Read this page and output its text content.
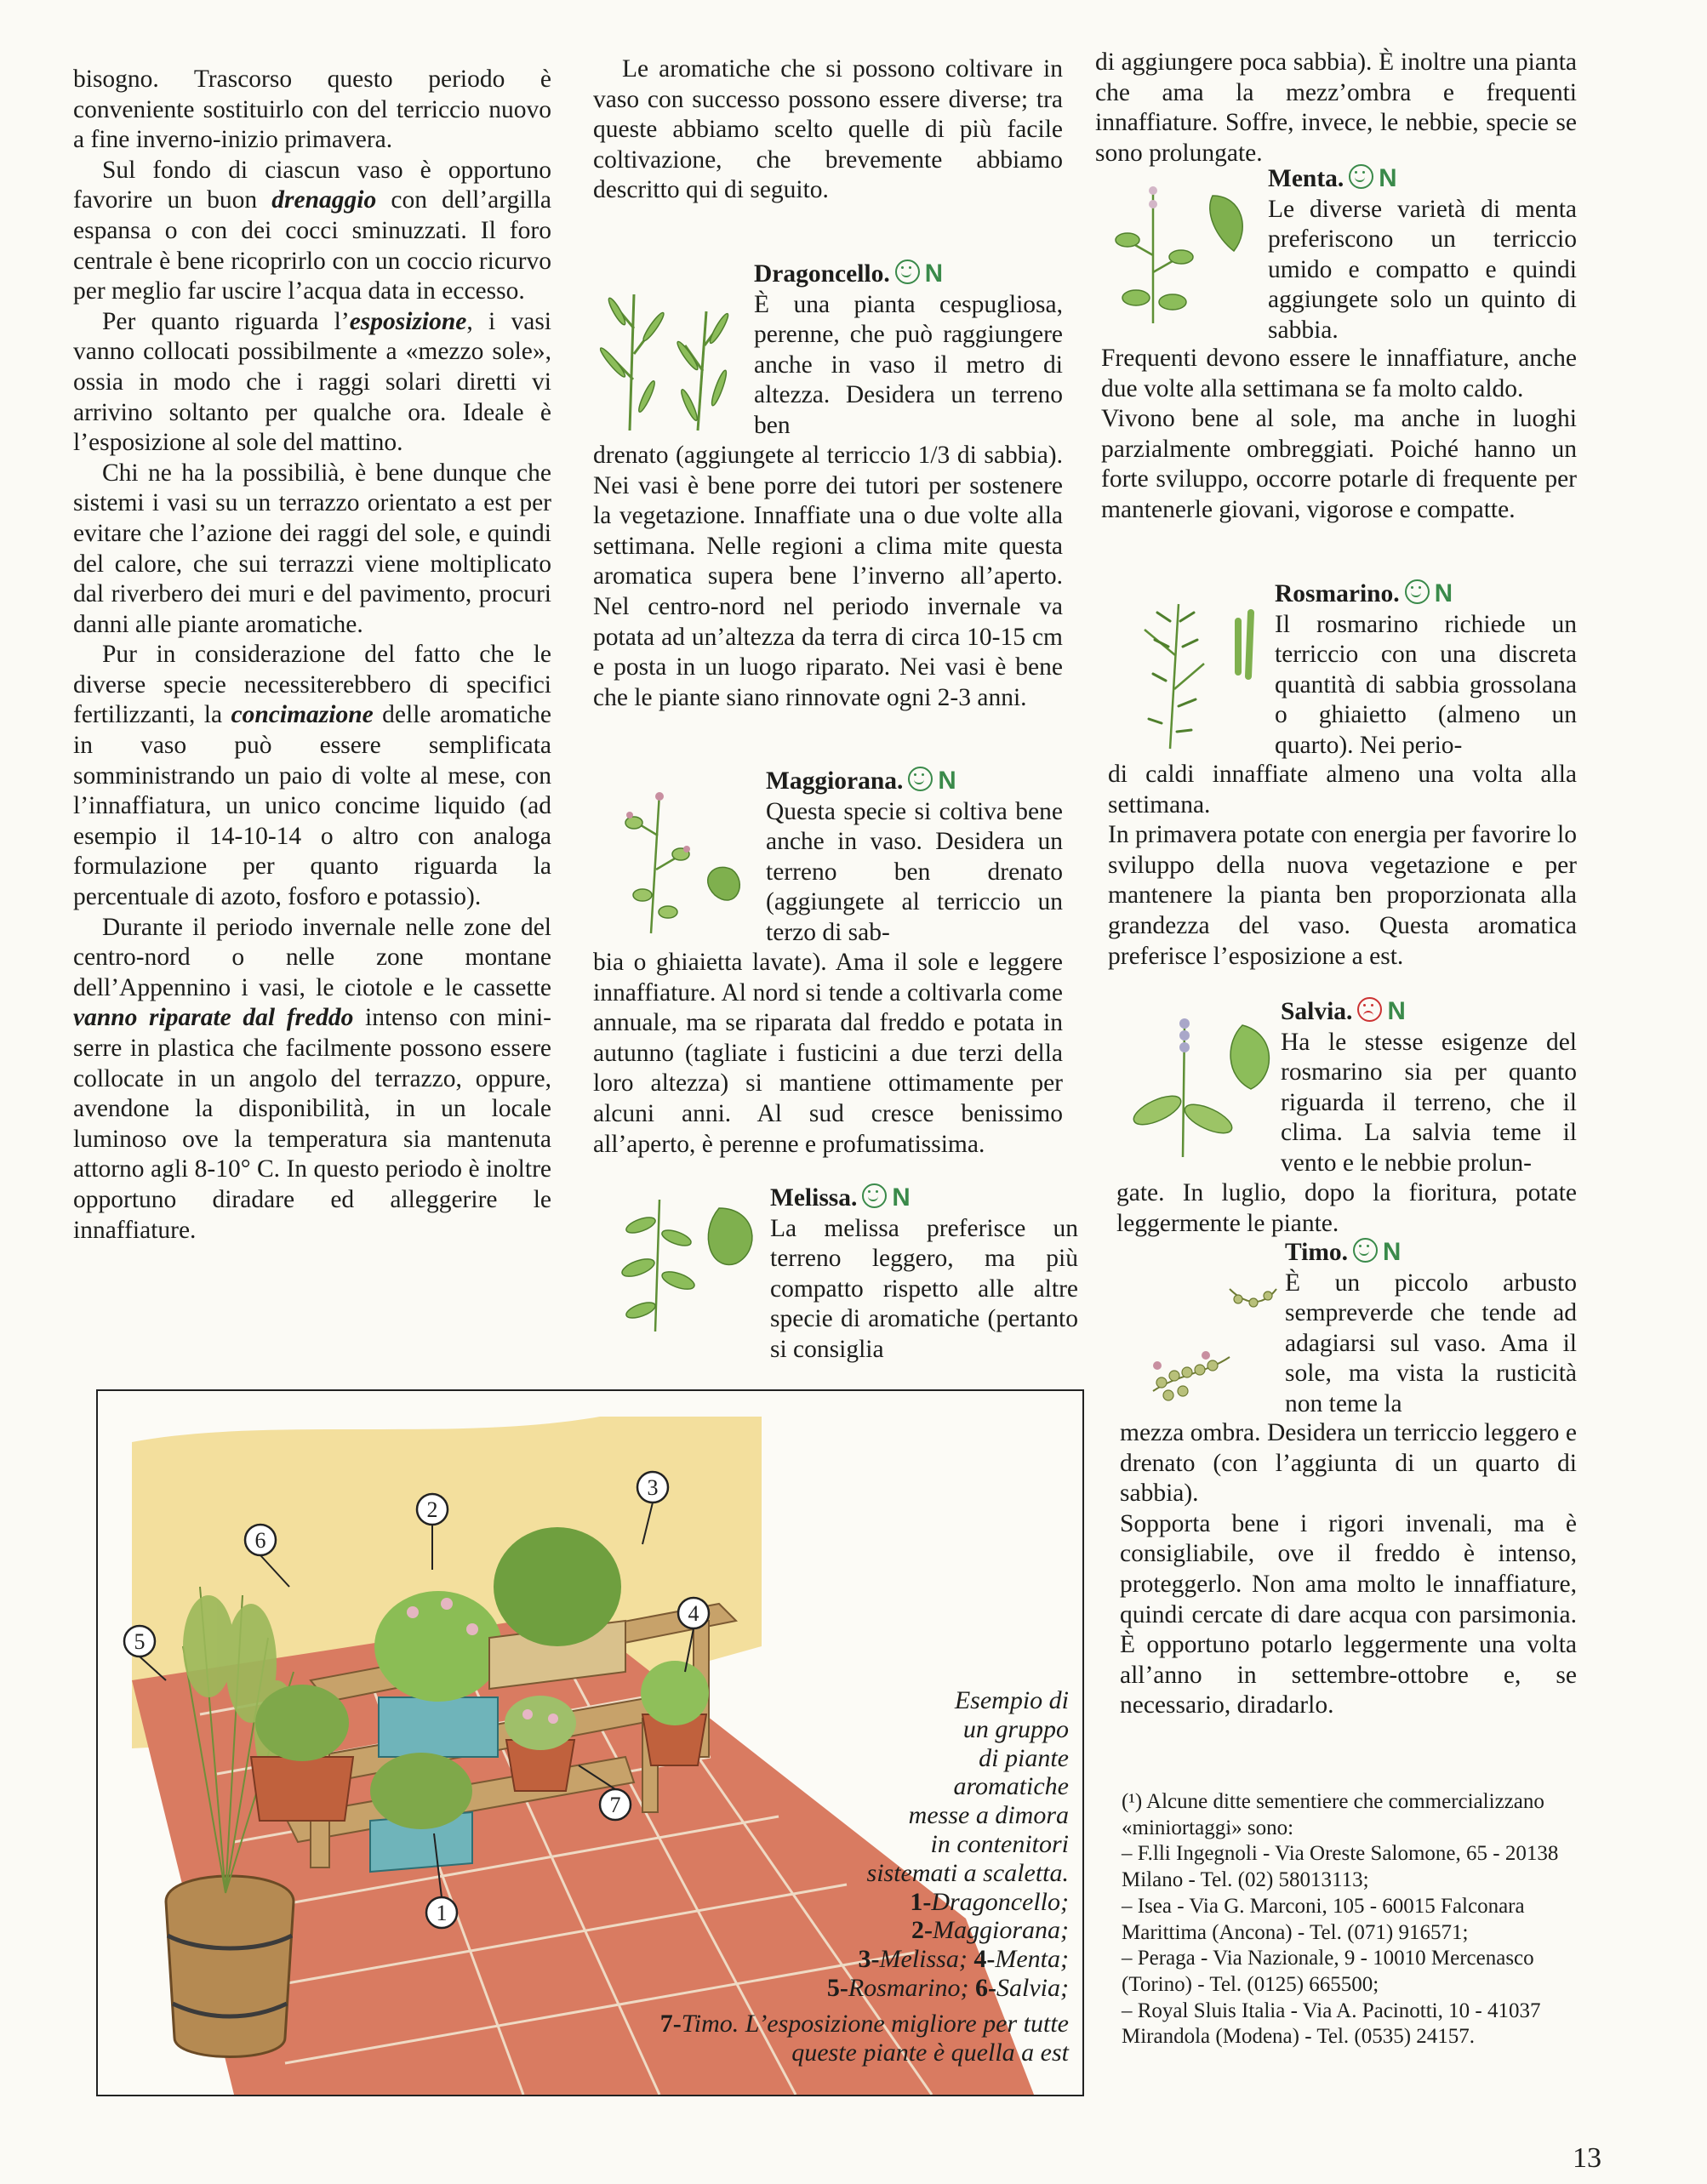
bisogno. Trascorso questo periodo è conveniente sostituirlo con del terriccio nuovo a fine inverno-inizio primavera.

Sul fondo di ciascun vaso è opportuno favorire un buon drenaggio con dell’argilla espansa o con dei cocci sminuzzati. Il foro centrale è bene ricoprirlo con un coccio ricurvo per meglio far uscire l’acqua data in eccesso.

Per quanto riguarda l’esposizione, i vasi vanno collocati possibilmente a «mezzo sole», ossia in modo che i raggi solari diretti vi arrivino soltanto per qualche ora. Ideale è l’esposizione al sole del mattino.

Chi ne ha la possibilià, è bene dunque che sistemi i vasi su un terrazzo orientato a est per evitare che l’azione dei raggi del sole, e quindi del calore, che sui terrazzi viene moltiplicato dal riverbero dei muri e del pavimento, procuri danni alle piante aromatiche.

Pur in considerazione del fatto che le diverse specie necessiterebbero di specifici fertilizzanti, la concimazione delle aromatiche in vaso può essere semplificata somministrando un paio di volte al mese, con l’innaffiatura, un unico concime liquido (ad esempio il 14-10-14 o altro con analoga formulazione per quanto riguarda la percentuale di azoto, fosforo e potassio).

Durante il periodo invernale nelle zone del centro-nord o nelle zone montane dell’Appennino i vasi, le ciotole e le cassette vanno riparate dal freddo intenso con mini-serre in plastica che facilmente possono essere collocate in un angolo del terrazzo, oppure, avendone la disponibilità, in un locale luminoso ove la temperatura sia mantenuta attorno agli 8-10° C. In questo periodo è inoltre opportuno diradare ed alleggerire le innaffiature.

Le aromatiche che si possono coltivare in vaso con successo possono essere diverse; tra queste abbiamo scelto quelle di più facile coltivazione, che brevemente abbiamo descritto qui di seguito.

Dragoncello. N

È una pianta cespugliosa, perenne, che può raggiungere anche in vaso il metro di altezza. Desidera un terreno ben

drenato (aggiungete al terriccio 1/3 di sabbia). Nei vasi è bene porre dei tutori per sostenere la vegetazione. Innaffiate una o due volte alla settimana. Nelle regioni a clima mite questa aromatica supera bene l’inverno all’aperto. Nel centro-nord nel periodo invernale va potata ad un’altezza da terra di circa 10-15 cm e posta in un luogo riparato. Nei vasi è bene che le piante siano rinnovate ogni 2-3 anni.

Maggiorana. N

Questa specie si coltiva bene anche in vaso. Desidera un terreno ben drenato (aggiungete al terriccio un terzo di sab-

bia o ghiaietta lavate). Ama il sole e leggere innaffiature. Al nord si tende a coltivarla come annuale, ma se riparata dal freddo e potata in autunno (tagliate i fusticini a due terzi della loro altezza) si mantiene ottimamente per alcuni anni. Al sud cresce benissimo all’aperto, è perenne e profumatissima.

Melissa. N

La melissa preferisce un terreno leggero, ma più compatto rispetto alle altre specie di aromatiche (pertanto si consiglia

di aggiungere poca sabbia). È inoltre una pianta che ama la mezz’ombra e frequenti innaffiature. Soffre, invece, le nebbie, specie se sono prolungate.

Menta. N

Le diverse varietà di menta preferiscono un terriccio umido e compatto e quindi aggiungete solo un quinto di sabbia.

Frequenti devono essere le innaffiature, anche due volte alla settimana se fa molto caldo.

Vivono bene al sole, ma anche in luoghi parzialmente ombreggiati. Poiché hanno un forte sviluppo, occorre potarle di frequente per mantenerle giovani, vigorose e compatte.

Rosmarino. N

Il rosmarino richiede un terriccio con una discreta quantità di sabbia grossolana o ghiaietto (almeno un quarto). Nei perio-

di caldi innaffiate almeno una volta alla settimana.

In primavera potate con energia per favorire lo sviluppo della nuova vegetazione e per mantenere la pianta ben proporzionata alla grandezza del vaso. Questa aromatica preferisce l’esposizione a est.

Salvia. N

Ha le stesse esigenze del rosmarino sia per quanto riguarda il terreno, che il clima. La salvia teme il vento e le nebbie prolun-

gate. In luglio, dopo la fioritura, potate leggermente le piante.

Timo. N

È un piccolo arbusto sempreverde che tende ad adagiarsi sul vaso. Ama il sole, ma vista la rusticità non teme la

mezza ombra. Desidera un terriccio leggero e drenato (con l’aggiunta di un quarto di sabbia).

Sopporta bene i rigori invenali, ma è consigliabile, ove il freddo è intenso, proteggerlo. Non ama molto le innaffiature, quindi cercate di dare acqua con parsimonia. È opportuno potarlo leggermente una volta all’anno in settembre-ottobre e, se necessario, diradarlo.

(¹) Alcune ditte sementiere che commercializzano «miniortaggi» sono:
– F.lli Ingegnoli - Via Oreste Salomone, 65 - 20138 Milano - Tel. (02) 58013113;
– Isea - Via G. Marconi, 105 - 60015 Falconara Marittima (Ancona) - Tel. (071) 916571;
– Peraga - Via Nazionale, 9 - 10010 Mercenasco (Torino) - Tel. (0125) 665500;
– Royal Sluis Italia - Via A. Pacinotti, 10 - 41037 Mirandola (Modena) - Tel. (0535) 24157.
13
1
2
3
4
5
6
7
Esempio di
un gruppo
di piante
aromatiche
messe a dimora
in contenitori
sistemati a scaletta.
1-Dragoncello;
2-Maggiorana;
3-Melissa; 4-Menta;
5-Rosmarino; 6-Salvia;
7-Timo. L’esposizione migliore per tutte queste piante è quella a est
